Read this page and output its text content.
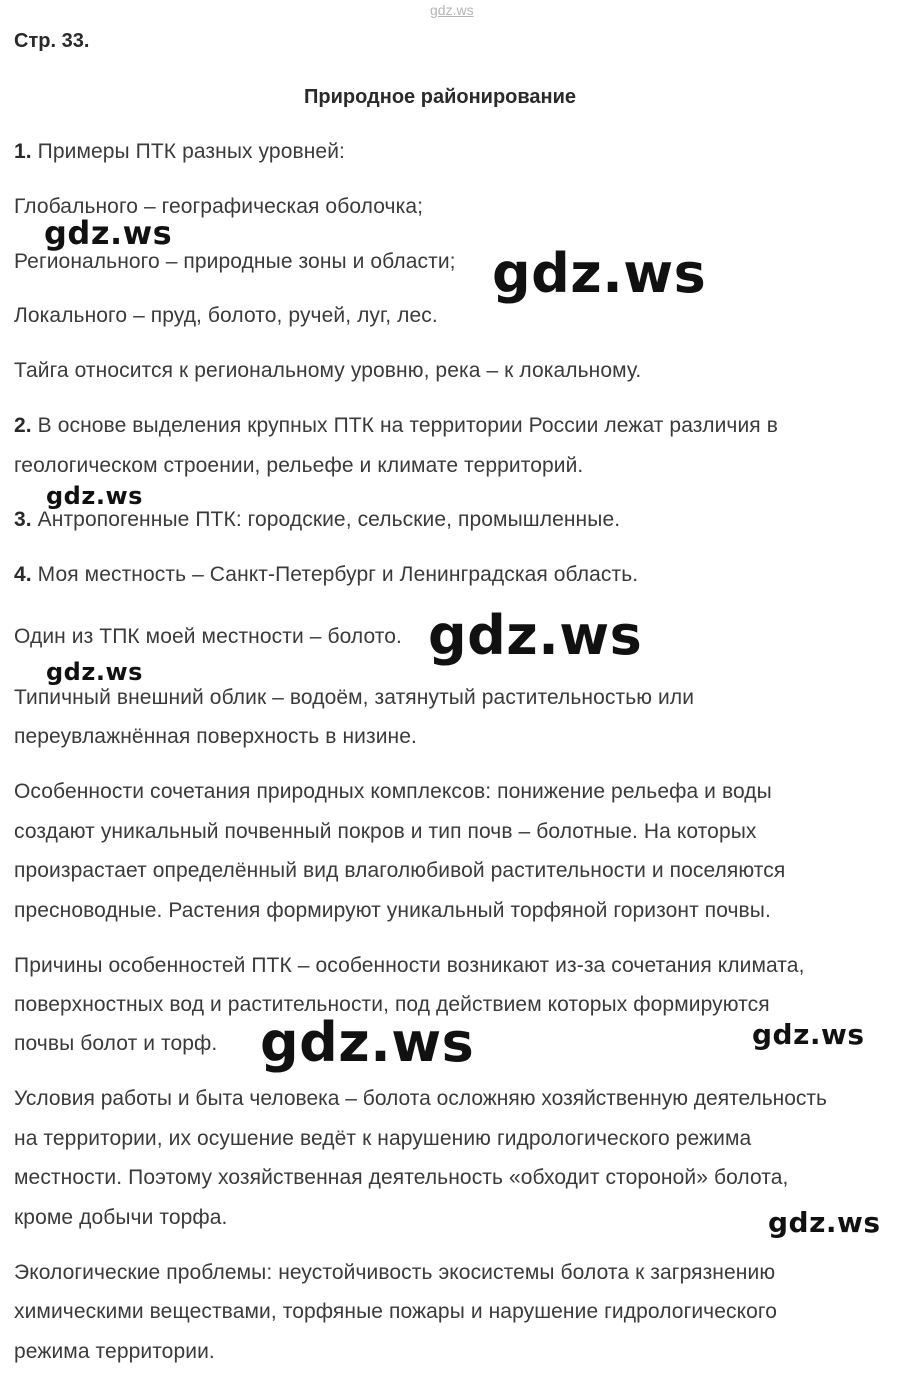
gdz.ws
Стр. 33.
Природное районирование
1. Примеры ПТК разных уровней:
Глобального – географическая оболочка;
Регионального – природные зоны и области;
Локального – пруд, болото, ручей, луг, лес.
Тайга относится к региональному уровню, река – к локальному.
2. В основе выделения крупных ПТК на территории России лежат различия в
геологическом строении, рельефе и климате территорий.
3. Антропогенные ПТК: городские, сельские, промышленные.
4. Моя местность – Санкт-Петербург и Ленинградская область.
Один из ТПК моей местности – болото.
Типичный внешний облик – водоём, затянутый растительностью или
переувлажнённая поверхность в низине.
Особенности сочетания природных комплексов: понижение рельефа и воды
создают уникальный почвенный покров и тип почв – болотные. На которых
произрастает определённый вид влаголюбивой растительности и поселяются
пресноводные. Растения формируют уникальный торфяной горизонт почвы.
Причины особенностей ПТК – особенности возникают из-за сочетания климата,
поверхностных вод и растительности, под действием которых формируются
почвы болот и торф.
Условия работы и быта человека – болота осложняю хозяйственную деятельность
на территории, их осушение ведёт к нарушению гидрологического режима
местности. Поэтому хозяйственная деятельность «обходит стороной» болота,
кроме добычи торфа.
Экологические проблемы: неустойчивость экосистемы болота к загрязнению
химическими веществами, торфяные пожары и нарушение гидрологического
режима территории.
gdz.ws
gdz.ws
gdz.ws
gdz.ws
gdz.ws
gdz.ws	gdz.ws
gdz.ws
